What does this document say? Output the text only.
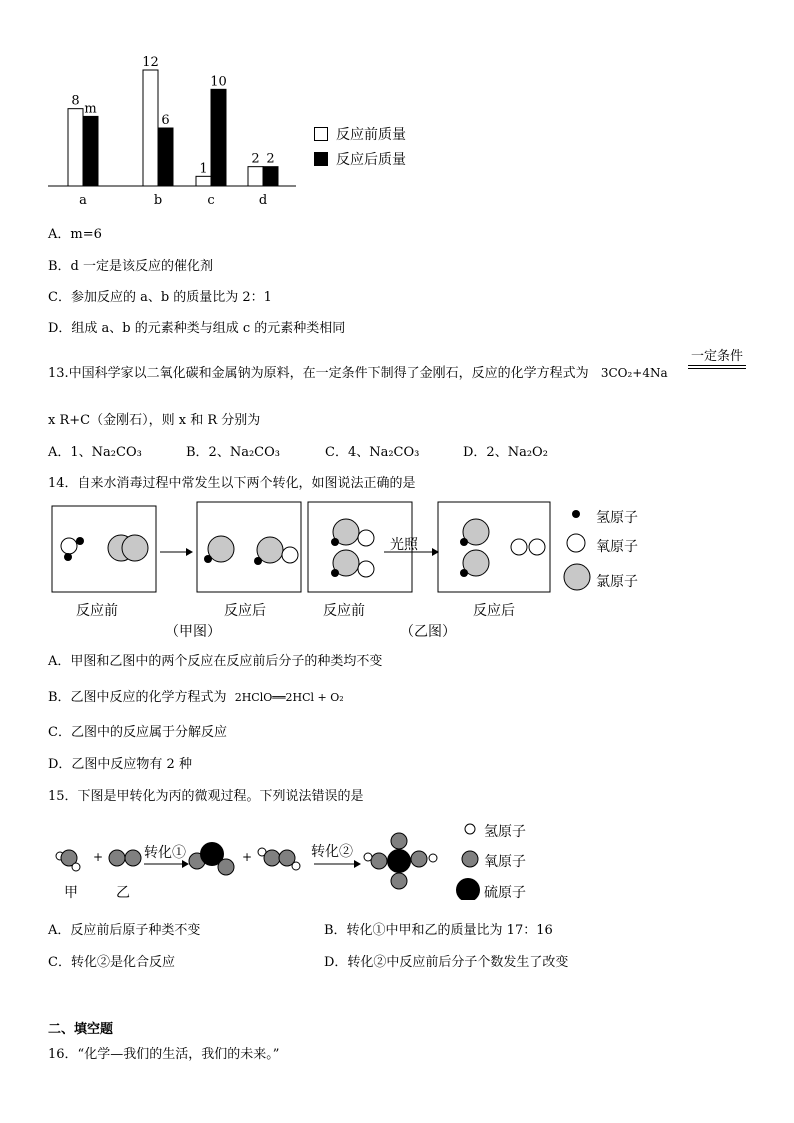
8
m
12
6
1
10
2 2
a	b	c	d
反应前质量
反应后质量
A．m=6
B．d 一定是该反应的催化剂
C．参加反应的 a、b 的质量比为 2：1
D．组成 a、b 的元素种类与组成 c 的元素种类相同
13.中国科学家以二氧化碳和金属钠为原料，在一定条件下制得了金刚石，反应的化学方程式为 3CO₂+4Na
一定条件
x R+C（金刚石），则 x 和 R 分别为
A．1、Na₂CO₃	B．2、Na₂CO₃	C．4、Na₂CO₃	D．2、Na₂O₂
14．自来水消毒过程中常发生以下两个转化，如图说法正确的是
光照
氢原子
氧原子
氯原子
反应前	反应后	反应前	反应后
（甲图）	（乙图）
A．甲图和乙图中的两个反应在反应前后分子的种类均不变
B．乙图中反应的化学方程式为 2HClO══2HCl + O₂
C．乙图中的反应属于分解反应
D．乙图中反应物有 2 种
15．下图是甲转化为丙的微观过程。下列说法错误的是
+	+
转化①	转化②
甲	乙
氢原子
氧原子
硫原子
A．反应前后原子种类不变	B．转化①中甲和乙的质量比为 17：16
C．转化②是化合反应	D．转化②中反应前后分子个数发生了改变
二、填空题
16．“化学—我们的生活，我们的未来。”
